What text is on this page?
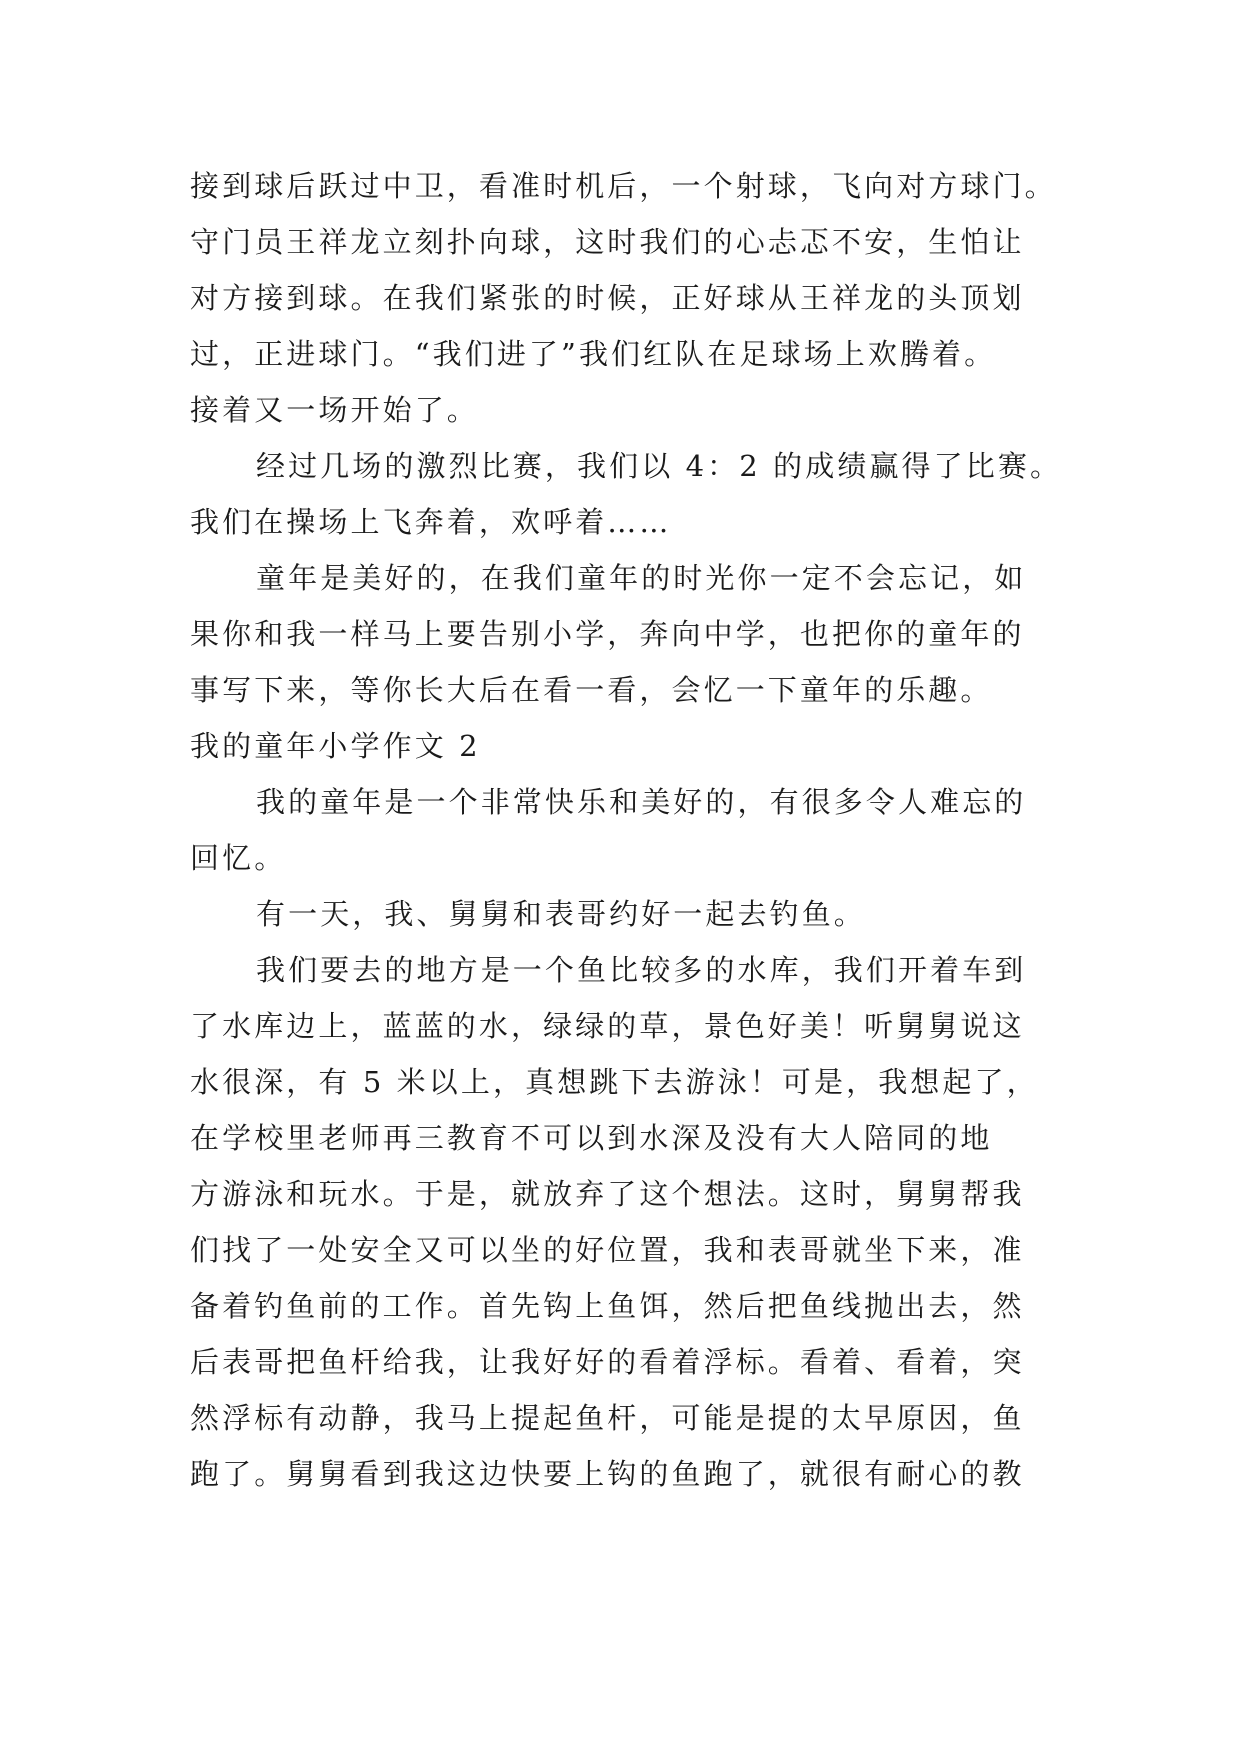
接到球后跃过中卫，看准时机后，一个射球，飞向对方球门。
守门员王祥龙立刻扑向球，这时我们的心忐忑不安，生怕让
对方接到球。在我们紧张的时候，正好球从王祥龙的头顶划
过，正进球门。“我们进了”我们红队在足球场上欢腾着。
接着又一场开始了。
经过几场的激烈比赛，我们以 4：2 的成绩赢得了比赛。
我们在操场上飞奔着，欢呼着……
童年是美好的，在我们童年的时光你一定不会忘记，如
果你和我一样马上要告别小学，奔向中学，也把你的童年的
事写下来，等你长大后在看一看，会忆一下童年的乐趣。
我的童年小学作文 2
我的童年是一个非常快乐和美好的，有很多令人难忘的
回忆。
有一天，我、舅舅和表哥约好一起去钓鱼。
我们要去的地方是一个鱼比较多的水库，我们开着车到
了水库边上，蓝蓝的水，绿绿的草，景色好美！听舅舅说这
水很深，有 5 米以上，真想跳下去游泳！可是，我想起了，
在学校里老师再三教育不可以到水深及没有大人陪同的地
方游泳和玩水。于是，就放弃了这个想法。这时，舅舅帮我
们找了一处安全又可以坐的好位置，我和表哥就坐下来，准
备着钓鱼前的工作。首先钩上鱼饵，然后把鱼线抛出去，然
后表哥把鱼杆给我，让我好好的看着浮标。看着、看着，突
然浮标有动静，我马上提起鱼杆，可能是提的太早原因，鱼
跑了。舅舅看到我这边快要上钩的鱼跑了，就很有耐心的教
